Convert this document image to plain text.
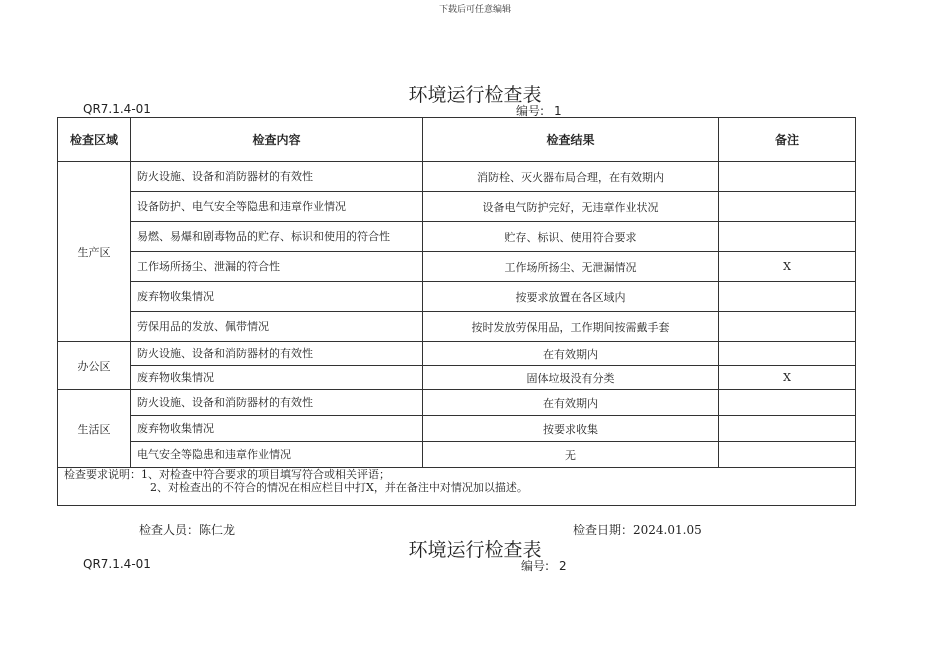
下载后可任意编辑
环境运行检查表
QR7.1.4-01	编号: 1
检查区域	检查内容	检查结果	备注
生产区	防火设施、设备和消防器材的有效性	消防栓、灭火器布局合理，在有效期内	
	设备防护、电气安全等隐患和违章作业情况	设备电气防护完好，无违章作业状况	
	易燃、易爆和剧毒物品的贮存、标识和使用的符合性	贮存、标识、使用符合要求	
	工作场所扬尘、泄漏的符合性	工作场所扬尘、无泄漏情况	X
	废弃物收集情况	按要求放置在各区域内	
	劳保用品的发放、佩带情况	按时发放劳保用品，工作期间按需戴手套	
办公区	防火设施、设备和消防器材的有效性	在有效期内	
	废弃物收集情况	固体垃圾没有分类	X
生活区	防火设施、设备和消防器材的有效性	在有效期内	
	废弃物收集情况	按要求收集	
	电气安全等隐患和违章作业情况	无	

检查要求说明：1、对检查中符合要求的项目填写符合或相关评语；
2、对检查出的不符合的情况在相应栏目中打X，并在备注中对情况加以描述。			
检查人员：陈仁龙	检查日期：2024.01.05
环境运行检查表
QR7.1.4-01	编号: 2
